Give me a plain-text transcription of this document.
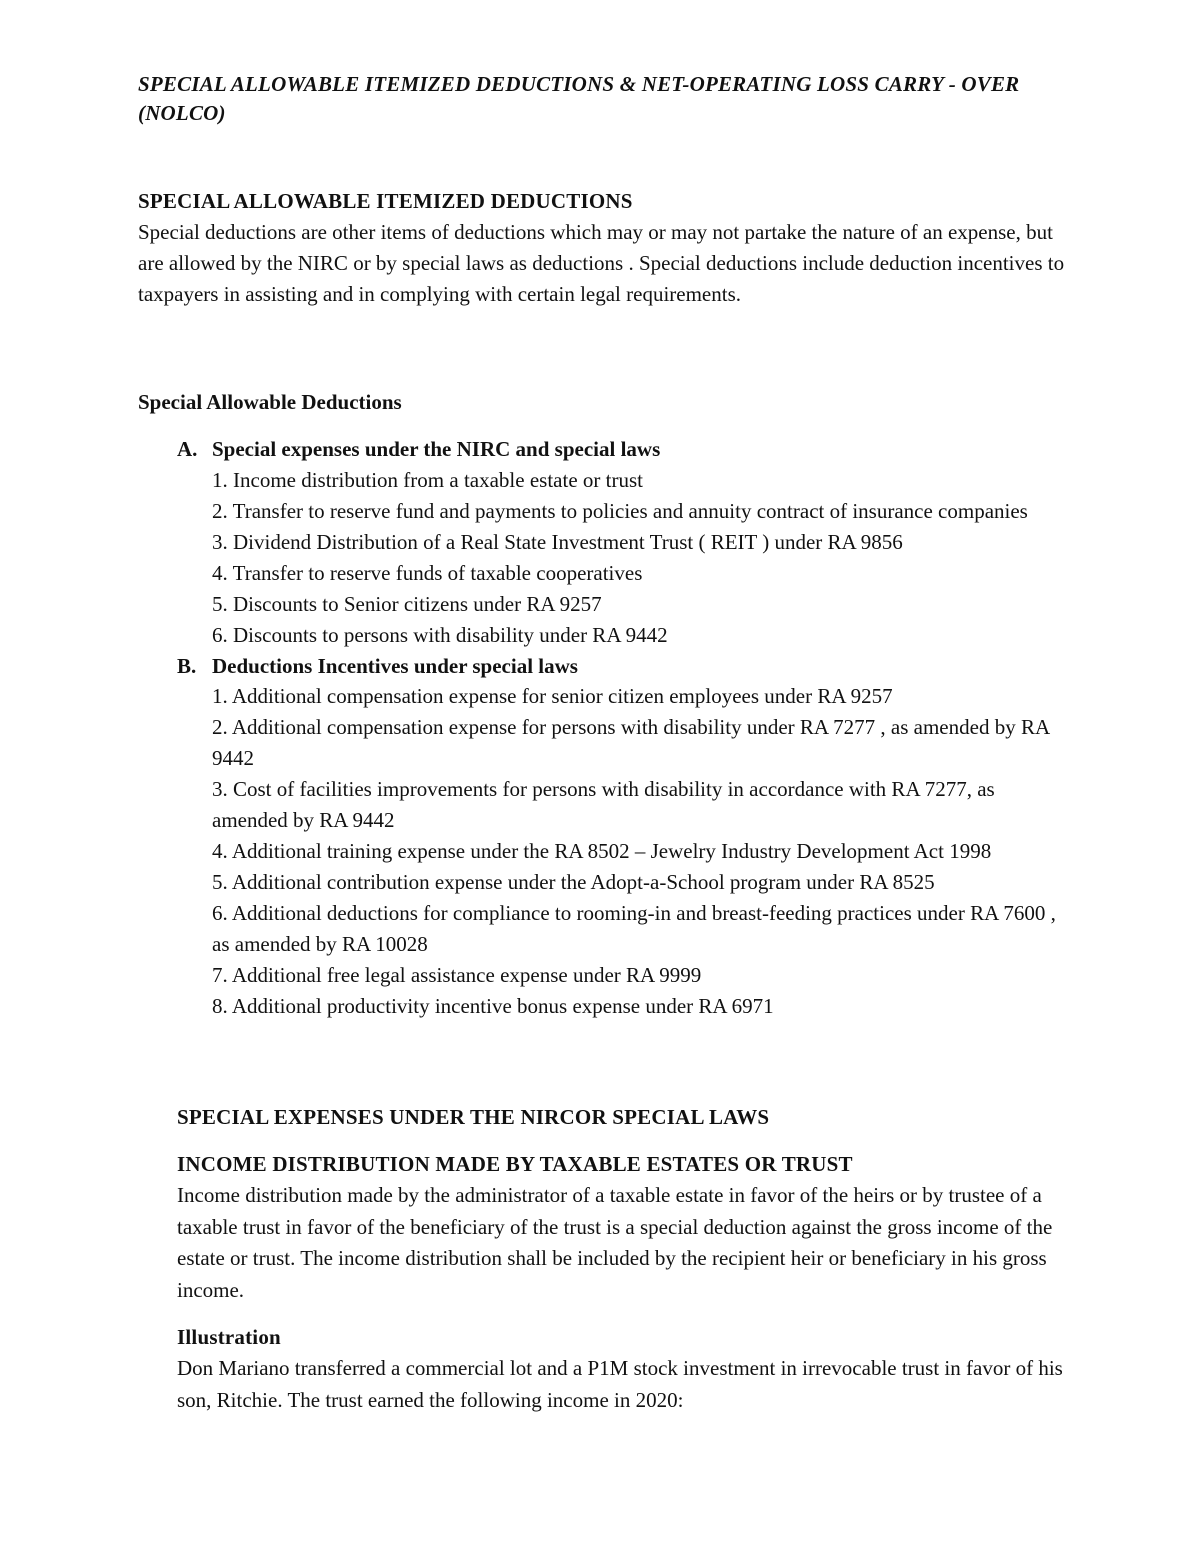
SPECIAL ALLOWABLE ITEMIZED DEDUCTIONS & NET-OPERATING LOSS CARRY - OVER (NOLCO)
SPECIAL ALLOWABLE ITEMIZED DEDUCTIONS
Special deductions are other items of deductions which may or may not partake the nature of an expense, but are allowed by the NIRC or by special laws as deductions . Special deductions include deduction incentives to taxpayers in assisting and in complying with certain legal requirements.
Special Allowable Deductions
A. Special expenses under the NIRC and special laws
1. Income distribution from a taxable estate or trust
2. Transfer to reserve fund and payments to policies and annuity contract of insurance companies
3. Dividend Distribution of a Real State Investment Trust ( REIT ) under RA 9856
4. Transfer to reserve funds of taxable cooperatives
5. Discounts to Senior citizens under RA 9257
6. Discounts to persons with disability under RA 9442
B. Deductions Incentives under special laws
1. Additional compensation expense for senior citizen employees under RA 9257
2. Additional compensation expense for persons with disability under RA 7277 , as amended by RA 9442
3. Cost of facilities improvements for persons with disability in accordance with RA 7277, as amended by RA 9442
4. Additional training expense under the RA 8502 – Jewelry Industry Development Act 1998
5. Additional contribution expense under the Adopt-a-School program under RA 8525
6. Additional deductions for compliance to rooming-in and breast-feeding practices under RA 7600 , as amended by RA 10028
7. Additional free legal assistance expense under RA 9999
8. Additional productivity incentive bonus expense under RA 6971
SPECIAL EXPENSES UNDER THE NIRCOR SPECIAL LAWS
INCOME DISTRIBUTION MADE BY TAXABLE ESTATES OR TRUST
Income distribution made by the administrator of a taxable estate in favor of the heirs or by trustee of a taxable trust in favor of the beneficiary of the trust is a special deduction against the gross income of the estate or trust. The income distribution shall be included by the recipient heir or beneficiary in his gross income.
Illustration
Don Mariano transferred a commercial lot and a P1M stock investment in irrevocable trust in favor of his son, Ritchie. The trust earned the following income in 2020:
